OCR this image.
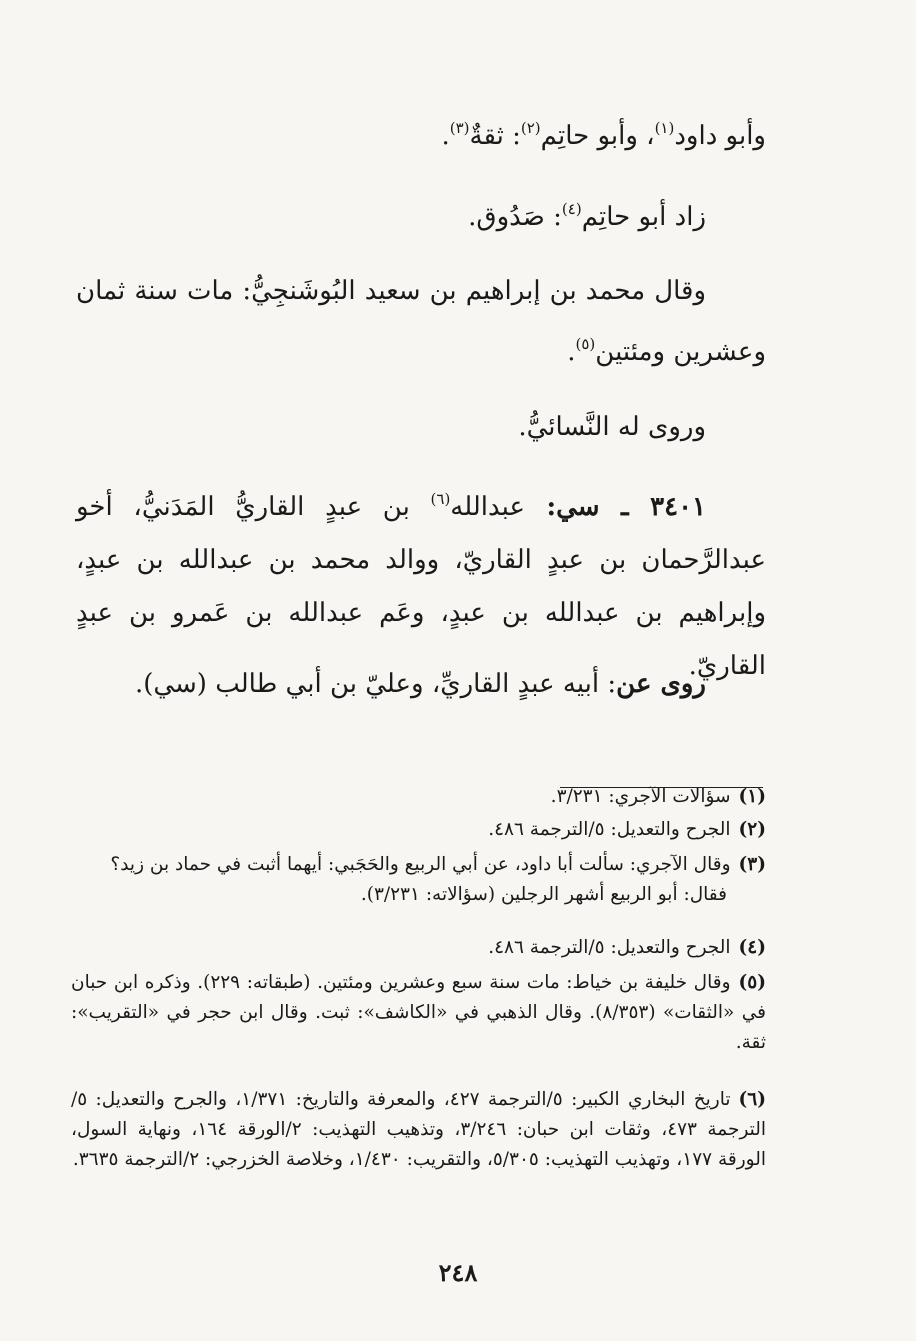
وأبو داود$^{(١)}$، وأبو حاتِم$^{(٢)}$: ثقةٌ$^{(٣)}$.

زاد أبو حاتِم$^{(٤)}$: صَدُوق.

وقال محمد بن إبراهيم بن سعيد البُوشَنجِيُّ: مات سنة ثمان وعشرين ومئتين$^{(٥)}$.

وروى له النَّسائيُّ.

٣٤٠١ ـ سي: عبدالله$^{(٦)}$ بن عبدٍ القاريُّ المَدَنيُّ، أخو عبدالرَّحمان بن عبدٍ القاريّ، ووالد محمد بن عبدالله بن عبدٍ، وإبراهيم بن عبدالله بن عبدٍ، وعَم عبدالله بن عَمرو بن عبدٍ القاريّ.

روى عن: أبيه عبدٍ القاريِّ، وعليّ بن أبي طالب (سي).

(١)سؤالات الآجري: ٣/٢٣١.

(٢)الجرح والتعديل: ٥/الترجمة ٤٨٦.

(٣)وقال الآجري: سألت أبا داود، عن أبي الربيع والحَجَبي: أيهما أثبت في حماد بن زيد؟
فقال: أبو الربيع أشهر الرجلين (سؤالاته: ٣/٢٣١).

(٤)الجرح والتعديل: ٥/الترجمة ٤٨٦.

(٥)وقال خليفة بن خياط: مات سنة سبع وعشرين ومئتين. (طبقاته: ٢٢٩). وذكره ابن حبان في «الثقات» (٨/٣٥٣). وقال الذهبي في «الكاشف»: ثبت. وقال ابن حجر في «التقريب»: ثقة.

(٦)تاريخ البخاري الكبير: ٥/الترجمة ٤٢٧، والمعرفة والتاريخ: ١/٣٧١، والجرح والتعديل: ٥/الترجمة ٤٧٣، وثقات ابن حبان: ٣/٢٤٦، وتذهيب التهذيب: ٢/الورقة ١٦٤، ونهاية السول، الورقة ١٧٧، وتهذيب التهذيب: ٥/٣٠٥، والتقريب: ١/٤٣٠، وخلاصة الخزرجي: ٢/الترجمة ٣٦٣٥.

٢٤٨
